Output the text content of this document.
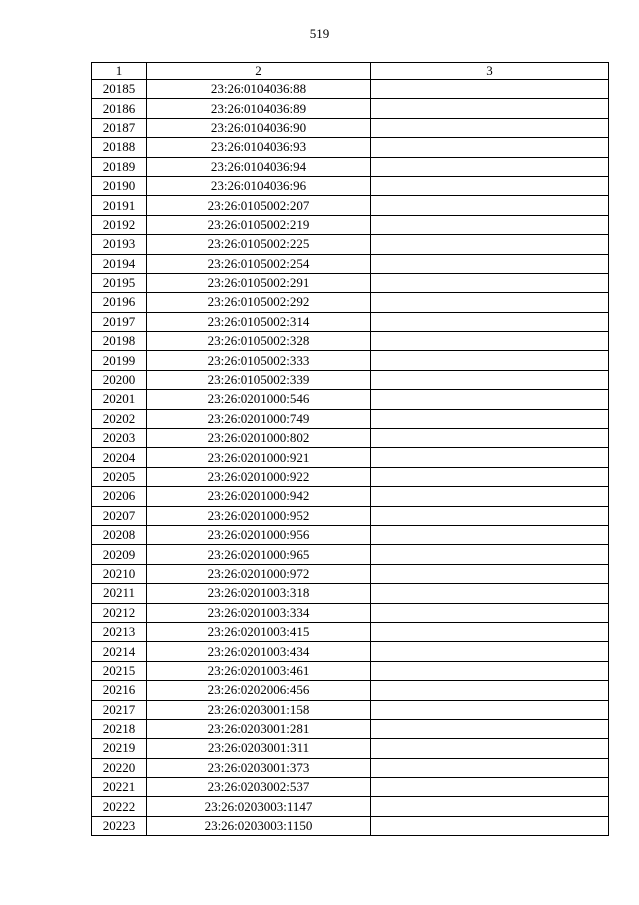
519
1	2	3
20185	23:26:0104036:88	
20186	23:26:0104036:89	
20187	23:26:0104036:90	
20188	23:26:0104036:93	
20189	23:26:0104036:94	
20190	23:26:0104036:96	
20191	23:26:0105002:207	
20192	23:26:0105002:219	
20193	23:26:0105002:225	
20194	23:26:0105002:254	
20195	23:26:0105002:291	
20196	23:26:0105002:292	
20197	23:26:0105002:314	
20198	23:26:0105002:328	
20199	23:26:0105002:333	
20200	23:26:0105002:339	
20201	23:26:0201000:546	
20202	23:26:0201000:749	
20203	23:26:0201000:802	
20204	23:26:0201000:921	
20205	23:26:0201000:922	
20206	23:26:0201000:942	
20207	23:26:0201000:952	
20208	23:26:0201000:956	
20209	23:26:0201000:965	
20210	23:26:0201000:972	
20211	23:26:0201003:318	
20212	23:26:0201003:334	
20213	23:26:0201003:415	
20214	23:26:0201003:434	
20215	23:26:0201003:461	
20216	23:26:0202006:456	
20217	23:26:0203001:158	
20218	23:26:0203001:281	
20219	23:26:0203001:311	
20220	23:26:0203001:373	
20221	23:26:0203002:537	
20222	23:26:0203003:1147	
20223	23:26:0203003:1150	
